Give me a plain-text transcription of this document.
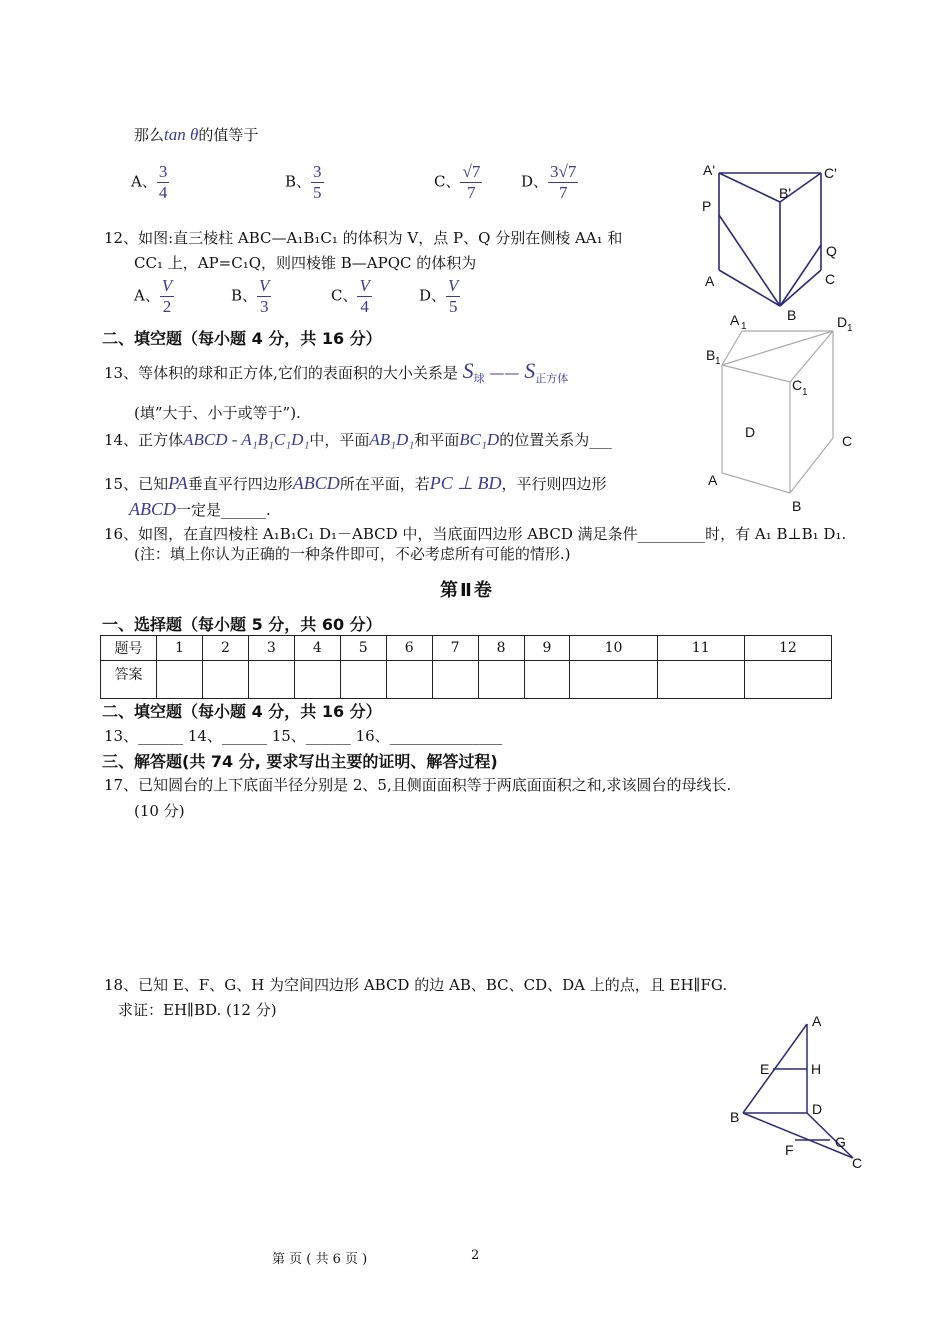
那么tan θ的值等于
A、 $\frac{3}{4}$	B、 $\frac{3}{5}$	C、 $\frac{√7}{7}$	D、 $\frac{3√7}{7}$
12、如图:直三棱柱 ABC—A₁B₁C₁ 的体积为 V，点 P、Q 分别在侧棱 AA₁ 和
CC₁ 上，AP=C₁Q，则四棱锥 B—APQC 的体积为
A、 $\frac{V}{2}$	B、 $\frac{V}{3}$	C、 $\frac{V}{4}$	D、 $\frac{V}{5}$
二、填空题（每小题 4 分，共 16 分）
13、等体积的球和正方体,它们的表面积的大小关系是 $S_球$ —— $S_{正方体}$
(填”大于、小于或等于”).
14、正方体ABCD - A₁B₁C₁D₁中，平面AB₁D₁和平面BC₁D的位置关系为___
15、已知PA垂直平行四边形ABCD所在平面，若PC ⊥ BD，平行则四边形
ABCD一定是______.
16、如图，在直四棱柱 A₁B₁C₁ D₁－ABCD 中，当底面四边形 ABCD 满足条件_________时，有 A₁ B⊥B₁ D₁.
(注：填上你认为正确的一种条件即可，不必考虑所有可能的情形.)
第Ⅱ卷
一、选择题（每小题 5 分，共 60 分）
题号	1	2	3	4	5	6	7	8	9	10	11	12
答案												
二、填空题（每小题 4 分，共 16 分）
13、______ 14、______ 15、______ 16、_______________
三、解答题(共 74 分, 要求写出主要的证明、解答过程)
17、已知圆台的上下底面半径分别是 2、5,且侧面面积等于两底面面积之和,求该圆台的母线长.
(10 分)
18、已知 E、F、G、H 为空间四边形 ABCD 的边 AB、BC、CD、DA 上的点，且 EH∥FG.
求证：EH∥BD. (12 分)
A'	C'
B'
P
Q
A	C
B
A 1	D 1
B 1
C 1
D
C
A
B
A
E	H
B	D
F	G
C
第 页 ( 共 6 页 )	2
